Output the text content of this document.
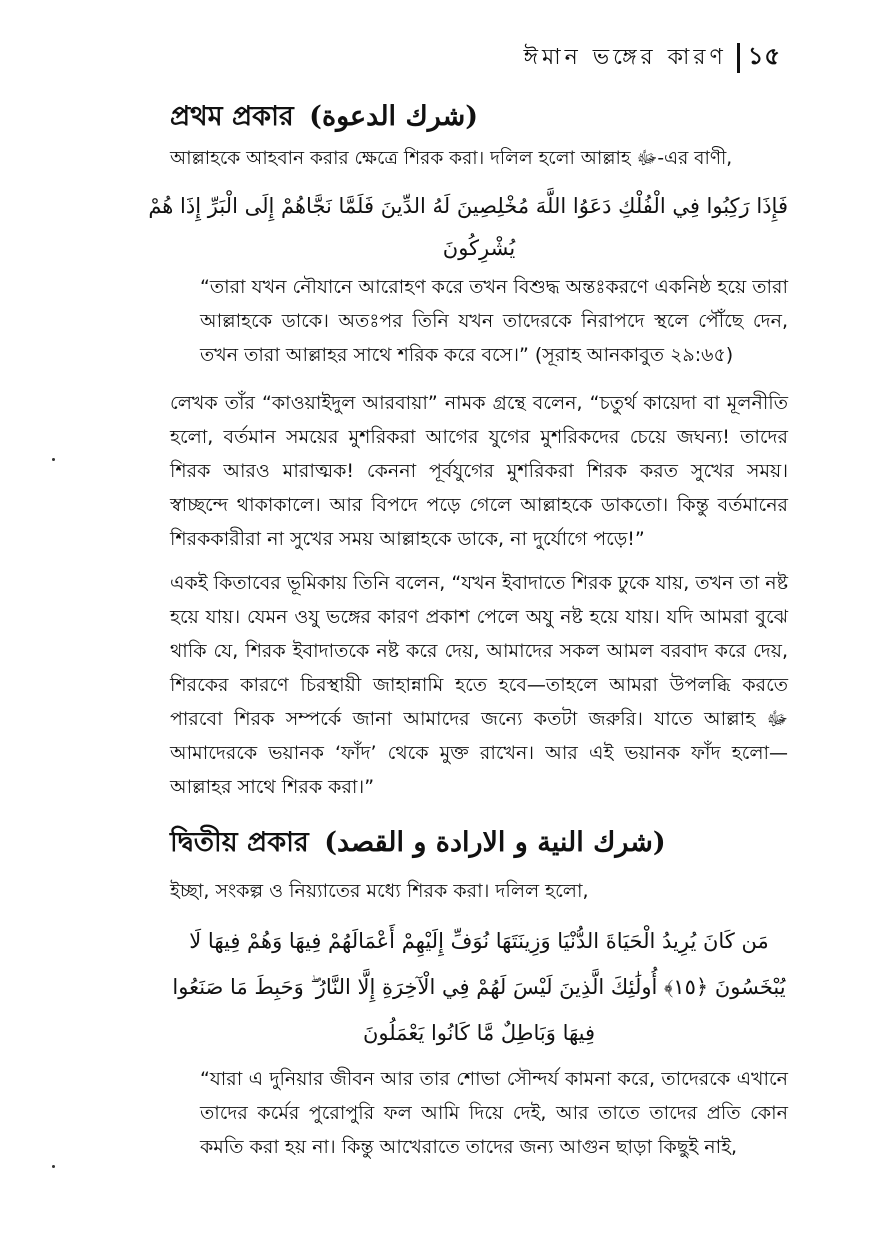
ঈমান ভঙ্গের কারণ ১৫
প্রথম প্রকার (شرك الدعوة)

আল্লাহকে আহবান করার ক্ষেত্রে শিরক করা। দলিল হলো আল্লাহ ﷻ-এর বাণী,

فَإِذَا رَكِبُوا فِي الْفُلْكِ دَعَوُا اللَّهَ مُخْلِصِينَ لَهُ الدِّينَ فَلَمَّا نَجَّاهُمْ إِلَى الْبَرِّ إِذَا هُمْ
يُشْرِكُونَ

“তারা যখন নৌযানে আরোহণ করে তখন বিশুদ্ধ অন্তঃকরণে একনিষ্ঠ হয়ে তারা আল্লাহকে ডাকে। অতঃপর তিনি যখন তাদেরকে নিরাপদে স্থলে পৌঁছে দেন, তখন তারা আল্লাহর সাথে শরিক করে বসে।” (সূরাহ আনকাবুত ২৯:৬৫)

লেখক তাঁর “কাওয়াইদুল আরবায়া” নামক গ্রন্থে বলেন, “চতুর্থ কায়েদা বা মূলনীতি হলো, বর্তমান সময়ের মুশরিকরা আগের যুগের মুশরিকদের চেয়ে জঘন্য! তাদের শিরক আরও মারাত্মক! কেননা পূর্বযুগের মুশরিকরা শিরক করত সুখের সময়। স্বাচ্ছন্দে থাকাকালে। আর বিপদে পড়ে গেলে আল্লাহকে ডাকতো। কিন্তু বর্তমানের শিরককারীরা না সুখের সময় আল্লাহকে ডাকে, না দুর্যোগে পড়ে!”

একই কিতাবের ভূমিকায় তিনি বলেন, “যখন ইবাদাতে শিরক ঢুকে যায়, তখন তা নষ্ট হয়ে যায়। যেমন ওযু ভঙ্গের কারণ প্রকাশ পেলে অযু নষ্ট হয়ে যায়। যদি আমরা বুঝে থাকি যে, শিরক ইবাদাতকে নষ্ট করে দেয়, আমাদের সকল আমল বরবাদ করে দেয়, শিরকের কারণে চিরস্থায়ী জাহান্নামি হতে হবে—তাহলে আমরা উপলব্ধি করতে পারবো শিরক সম্পর্কে জানা আমাদের জন্যে কতটা জরুরি। যাতে আল্লাহ ﷻ আমাদেরকে ভয়ানক ‘ফাঁদ’ থেকে মুক্ত রাখেন। আর এই ভয়ানক ফাঁদ হলো—আল্লাহর সাথে শিরক করা।”

দ্বিতীয় প্রকার (شرك النية و الارادة و القصد)

ইচ্ছা, সংকল্প ও নিয়্যাতের মধ্যে শিরক করা। দলিল হলো,

مَن كَانَ يُرِيدُ الْحَيَاةَ الدُّنْيَا وَزِينَتَهَا نُوَفِّ إِلَيْهِمْ أَعْمَالَهُمْ فِيهَا وَهُمْ فِيهَا لَا
يُبْخَسُونَ ﴿١٥﴾ أُولَٰئِكَ الَّذِينَ لَيْسَ لَهُمْ فِي الْآخِرَةِ إِلَّا النَّارُ ۖ وَحَبِطَ مَا صَنَعُوا
فِيهَا وَبَاطِلٌ مَّا كَانُوا يَعْمَلُونَ

“যারা এ দুনিয়ার জীবন আর তার শোভা সৌন্দর্য কামনা করে, তাদেরকে এখানে তাদের কর্মের পুরোপুরি ফল আমি দিয়ে দেই, আর তাতে তাদের প্রতি কোন কমতি করা হয় না। কিন্তু আখেরাতে তাদের জন্য আগুন ছাড়া কিছুই নাই,
